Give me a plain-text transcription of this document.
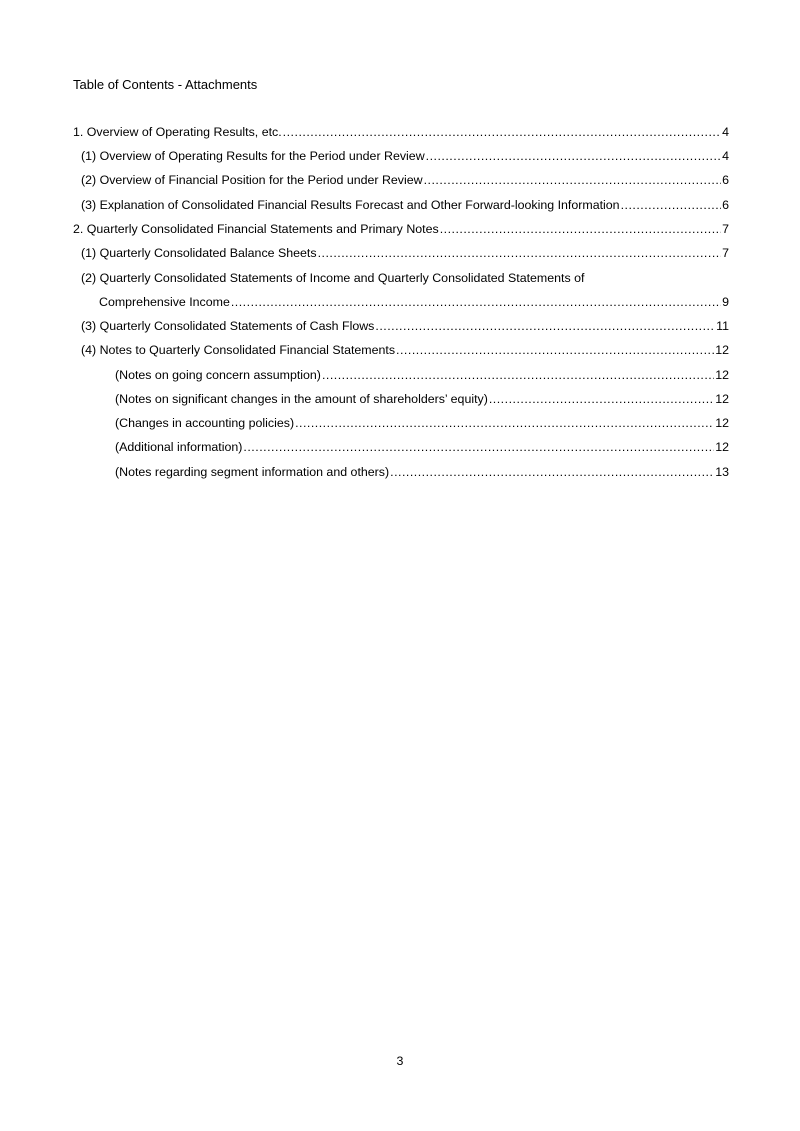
Table of Contents - Attachments
1. Overview of Operating Results, etc. .....	4
(1) Overview of Operating Results for the Period under Review .....	4
(2) Overview of Financial Position for the Period under Review .....	6
(3) Explanation of Consolidated Financial Results Forecast and Other Forward-looking Information .....	6
2. Quarterly Consolidated Financial Statements and Primary Notes .....	7
(1) Quarterly Consolidated Balance Sheets .....	7
(2) Quarterly Consolidated Statements of Income and Quarterly Consolidated Statements of
Comprehensive Income .....	9
(3) Quarterly Consolidated Statements of Cash Flows .....	11
(4) Notes to Quarterly Consolidated Financial Statements .....	12
(Notes on going concern assumption) .....	12
(Notes on significant changes in the amount of shareholders’ equity) .....	12
(Changes in accounting policies) .....	12
(Additional information) .....	12
(Notes regarding segment information and others) .....	13
3
